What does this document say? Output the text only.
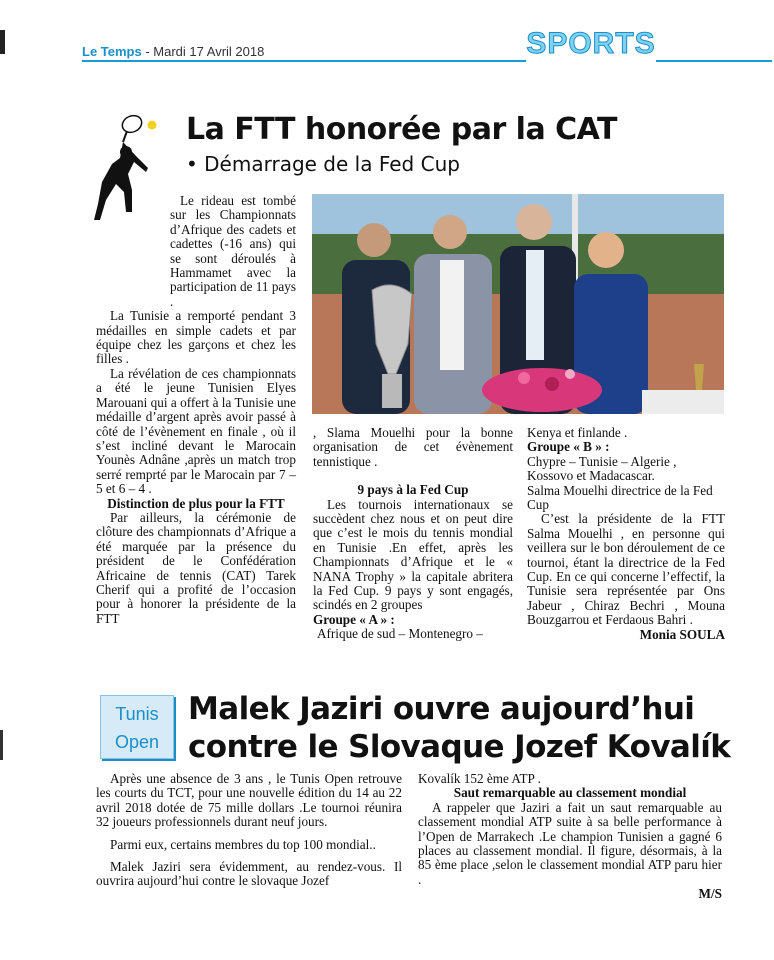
Le Temps - Mardi 17 Avril 2018	SPORTS
La FTT honorée par la CAT
• Démarrage de la Fed Cup

Le rideau est tombé sur les Championnats d’Afrique des cadets et cadettes (-16 ans) qui se sont déroulés à Hammamet avec la participation de 11 pays .

La Tunisie a remporté pendant 3 médailles en simple cadets et par équipe chez les garçons et chez les filles .

La révélation de ces championnats a été le jeune Tunisien Elyes Marouani qui a offert à la Tunisie une médaille d’argent après avoir passé à côté de l’évènement en finale , où il s’est incliné devant le Marocain Younès Adnâne ,après un match trop serré remprté par le Marocain par 7 – 5 et 6 – 4 .

Distinction de plus pour la FTT

Par ailleurs, la cérémonie de clôture des championnats d’Afrique a été marquée par la présence du président de le Confédération Africaine de tennis (CAT) Tarek Cherif qui a profité de l’occasion pour à honorer la présidente de la FTT

, Slama Mouelhi pour la bonne organisation de cet évènement tennistique .

9 pays à la Fed Cup

Les tournois internationaux se succèdent chez nous et on peut dire que c’est le mois du tennis mondial en Tunisie .En effet, après les Championnats d’Afrique et le « NANA Trophy » la capitale abritera la Fed Cup. 9 pays y sont engagés, scindés en 2 groupes

Groupe « A » :

Afrique de sud – Montenegro –

Kenya et finlande .

Groupe « B » :

Chypre – Tunisie – Algerie , Kossovo et Madacascar.

Salma Mouelhi directrice de la Fed Cup

C’est la présidente de la FTT Salma Mouelhi , en personne qui veillera sur le bon déroulement de ce tournoi, étant la directrice de la Fed Cup. En ce qui concerne l’effectif, la Tunisie sera représentée par Ons Jabeur , Chiraz Bechri , Mouna Bouzgarrou et Ferdaous Bahri .

Monia SOULA

Tunis
Open
Malek Jaziri ouvre aujourd’hui
contre le Slovaque Jozef Kovalík

Après une absence de 3 ans , le Tunis Open retrouve les courts du TCT, pour une nouvelle édition du 14 au 22 avril 2018 dotée de 75 mille dollars .Le tournoi réunira 32 joueurs professionnels durant neuf jours.

Parmi eux, certains membres du top 100 mondial..

Malek Jaziri sera évidemment, au rendez-vous. Il ouvrira aujourd’hui contre le slovaque Jozef

Kovalík 152 ème ATP .

Saut remarquable au classement mondial

A rappeler que Jaziri a fait un saut remarquable au classement mondial ATP suite à sa belle performance à l’Open de Marrakech .Le champion Tunisien a gagné 6 places au classement mondial. Il figure, désormais, à la 85 ème place ,selon le classement mondial ATP paru hier .

M/S
